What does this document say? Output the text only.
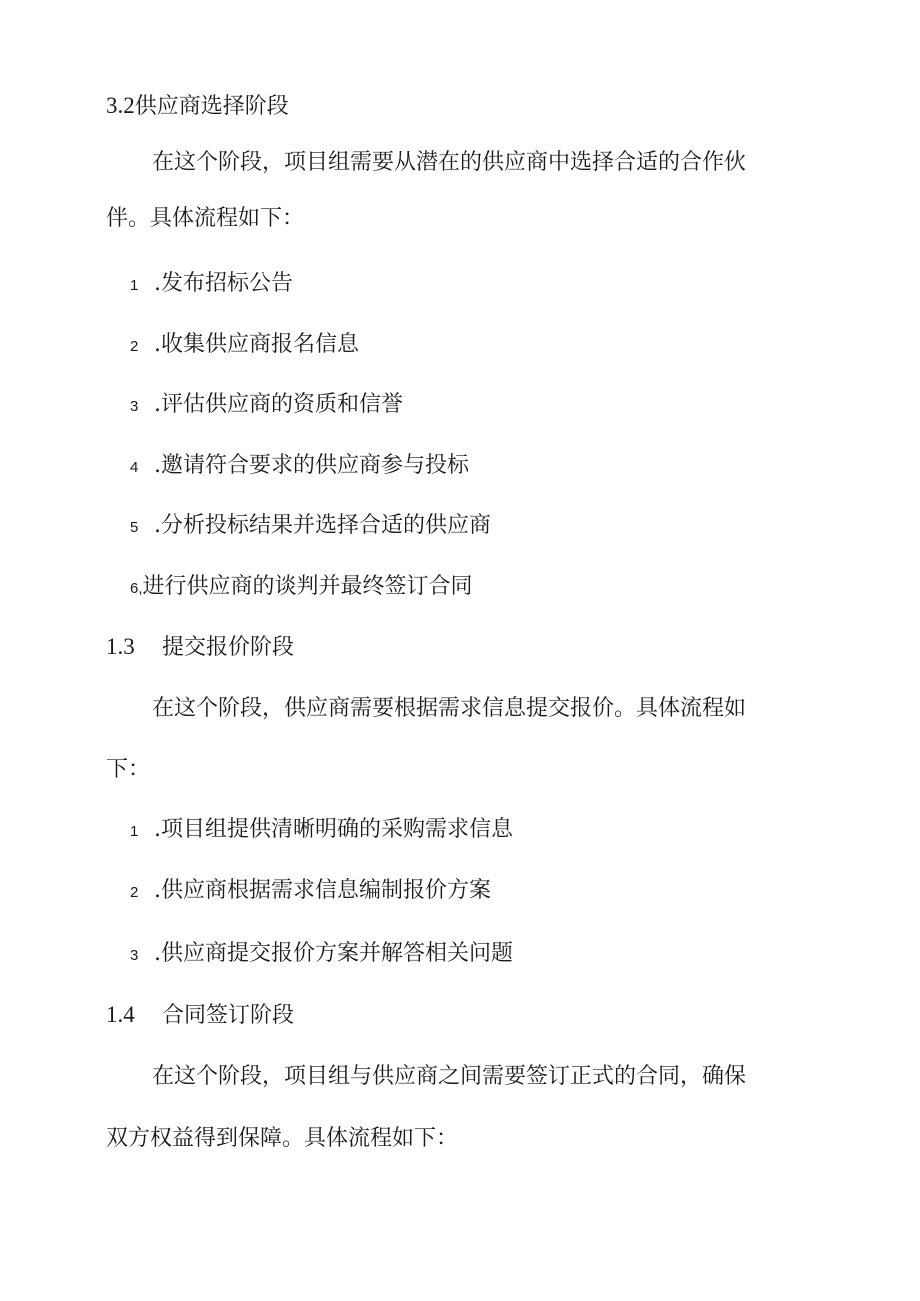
3.2供应商选择阶段
在这个阶段，项目组需要从潜在的供应商中选择合适的合作伙
伴。具体流程如下：
1 .发布招标公告
2 .收集供应商报名信息
3 .评估供应商的资质和信誉
4 .邀请符合要求的供应商参与投标
5 .分析投标结果并选择合适的供应商
6,进行供应商的谈判并最终签订合同
1.3 提交报价阶段
在这个阶段，供应商需要根据需求信息提交报价。具体流程如
下：
1 .项目组提供清晰明确的采购需求信息
2 .供应商根据需求信息编制报价方案
3 .供应商提交报价方案并解答相关问题
1.4 合同签订阶段
在这个阶段，项目组与供应商之间需要签订正式的合同，确保
双方权益得到保障。具体流程如下：
